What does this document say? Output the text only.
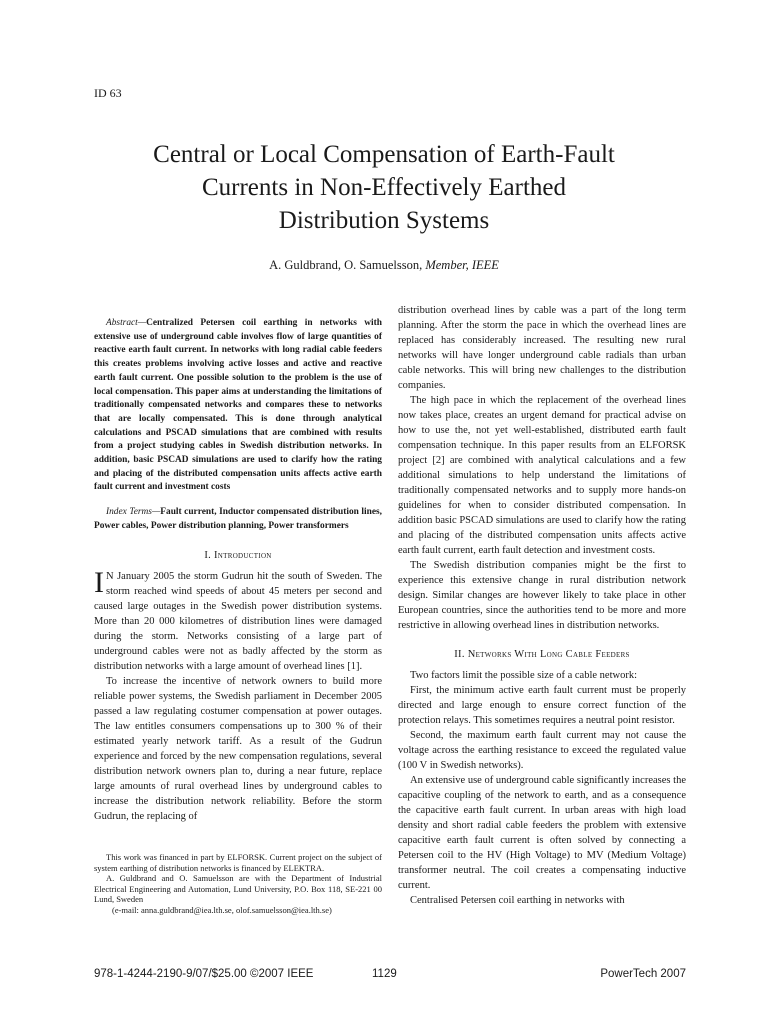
ID 63
Central or Local Compensation of Earth-Fault
Currents in Non-Effectively Earthed
Distribution Systems
A. Guldbrand, O. Samuelsson, Member, IEEE
Abstract—Centralized Petersen coil earthing in networks with extensive use of underground cable involves flow of large quantities of reactive earth fault current. In networks with long radial cable feeders this creates problems involving active losses and active and reactive earth fault current. One possible solution to the problem is the use of local compensation. This paper aims at understanding the limitations of traditionally compensated networks and compares these to networks that are locally compensated. This is done through analytical calculations and PSCAD simulations that are combined with results from a project studying cables in Swedish distribution networks. In addition, basic PSCAD simulations are used to clarify how the rating and placing of the distributed compensation units affects active earth fault current and investment costs
Index Terms—Fault current, Inductor compensated distribution lines, Power cables, Power distribution planning, Power transformers
I. Introduction

I N January 2005 the storm Gudrun hit the south of Sweden. The storm reached wind speeds of about 45 meters per second and caused large outages in the Swedish power distribution systems. More than 20 000 kilometres of distribution lines were damaged during the storm. Networks consisting of a large part of underground cables were not as badly affected by the storm as distribution networks with a large amount of overhead lines [1].

To increase the incentive of network owners to build more reliable power systems, the Swedish parliament in December 2005 passed a law regulating costumer compensation at power outages. The law entitles consumers compensations up to 300 % of their estimated yearly network tariff. As a result of the Gudrun experience and forced by the new compensation regulations, several distribution network owners plan to, during a near future, replace large amounts of rural overhead lines by underground cables to increase the distribution network reliability. Before the storm Gudrun, the replacing of

distribution overhead lines by cable was a part of the long term planning. After the storm the pace in which the overhead lines are replaced has considerably increased. The resulting new rural networks will have longer underground cable radials than urban cable networks. This will bring new challenges to the distribution companies.

The high pace in which the replacement of the overhead lines now takes place, creates an urgent demand for practical advise on how to use the, not yet well-established, distributed earth fault compensation technique. In this paper results from an ELFORSK project [2] are combined with analytical calculations and a few additional simulations to help understand the limitations of traditionally compensated networks and to supply more hands-on guidelines for when to consider distributed compensation. In addition basic PSCAD simulations are used to clarify how the rating and placing of the distributed compensation units affects active earth fault current, earth fault detection and investment costs.

The Swedish distribution companies might be the first to experience this extensive change in rural distribution network design. Similar changes are however likely to take place in other European countries, since the authorities tend to be more and more restrictive in allowing overhead lines in distribution networks.

II. Networks With Long Cable Feeders

Two factors limit the possible size of a cable network:

First, the minimum active earth fault current must be properly directed and large enough to ensure correct function of the protection relays. This sometimes requires a neutral point resistor.

Second, the maximum earth fault current may not cause the voltage across the earthing resistance to exceed the regulated value (100 V in Swedish networks).

An extensive use of underground cable significantly increases the capacitive coupling of the network to earth, and as a consequence the capacitive earth fault current. In urban areas with high load density and short radial cable feeders the problem with extensive capacitive earth fault current is often solved by connecting a Petersen coil to the HV (High Voltage) to MV (Medium Voltage) transformer neutral. The coil creates a compensating inductive current.

Centralised Petersen coil earthing in networks with

This work was financed in part by ELFORSK. Current project on the subject of system earthing of distribution networks is financed by ELEKTRA.

A. Guldbrand and O. Samuelsson are with the Department of Industrial Electrical Engineering and Automation, Lund University, P.O. Box 118, SE-221 00 Lund, Sweden

(e-mail: anna.guldbrand@iea.lth.se, olof.samuelsson@iea.lth.se)

978-1-4244-2190-9/07/$25.00 ©2007 IEEE	1129	PowerTech 2007
